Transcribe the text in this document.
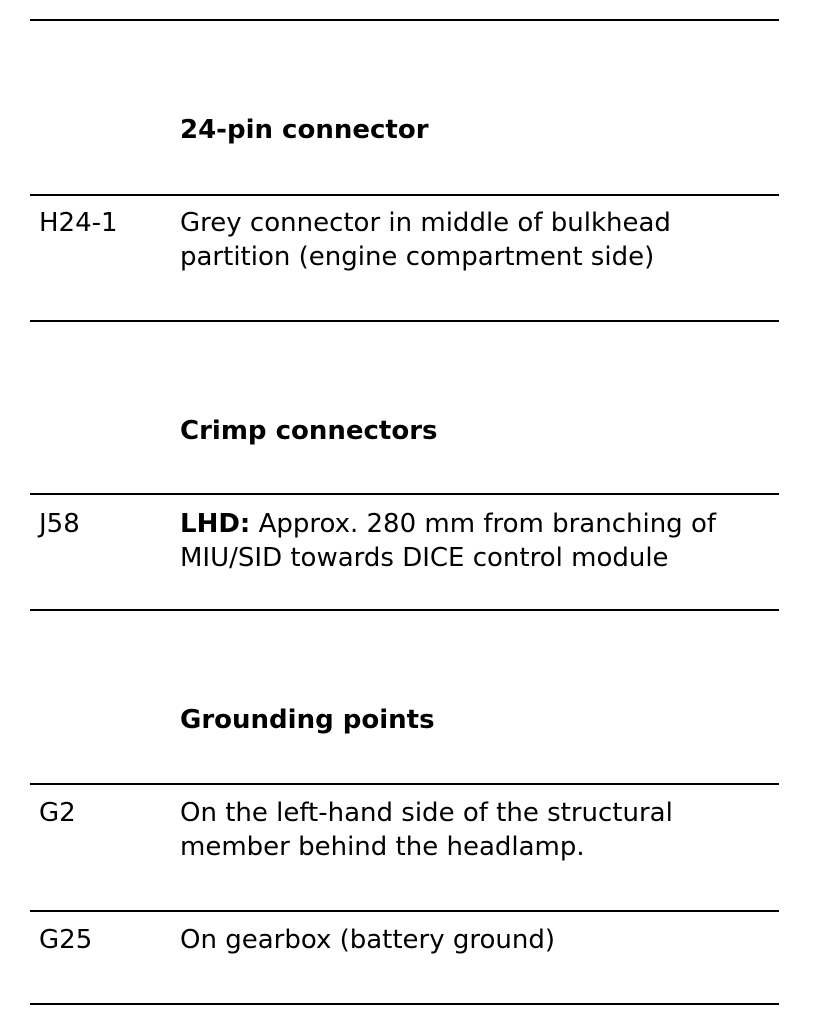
24-pin connector
H24-1 Grey connector in middle of bulkhead
partition (engine compartment side)
Crimp connectors
J58	LHD: Approx. 280 mm from branching of
MIU/SID towards DICE control module
Grounding points
G2	On the left-hand side of the structural
member behind the headlamp.
G25	On gearbox (battery ground)
